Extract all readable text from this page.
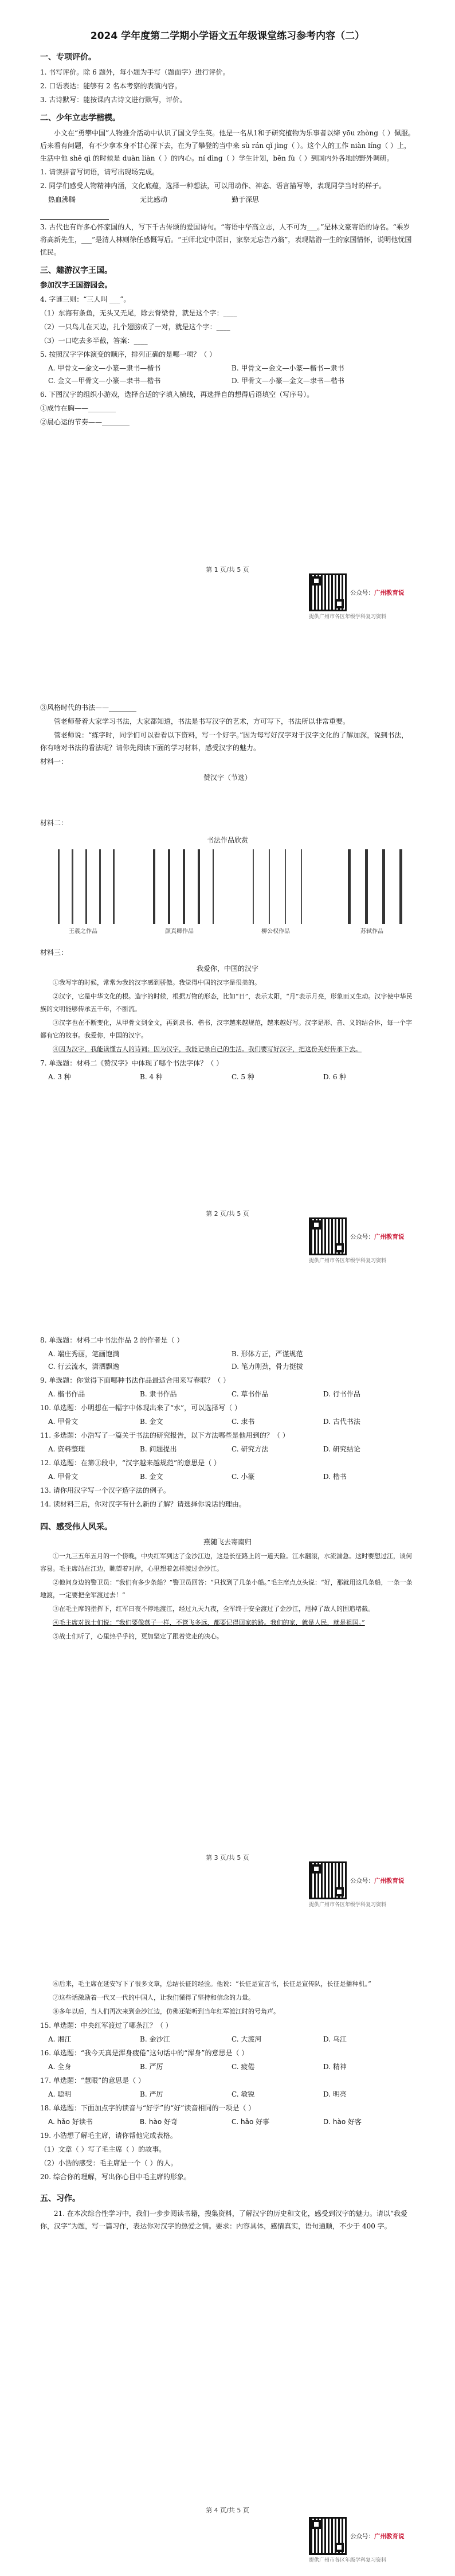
2024 学年度第二学期小学语文五年级课堂练习参考内容（二）
一、专项评价。
1. 书写评价。除 6 题外，每小题为手写（题面字）进行评价。
2. 口语表达：能够有 2 名本考察的表演内容。
3. 古诗默写：能按课内古诗文进行默写，评价。
二、少年立志学楷模。
小文在“勇攀中国”人物推介活动中认识了国文学生英。他是一名从1和子研究植物为乐事者以缔 yōu zhòng（ ）佩服。后来看有问题，有不少拿本身不甘心深下去，在为了攀登的当中来 sù rán qǐ jìng（ ）。这个人的工作 niàn líng（ ）上，生活中他 shě qì 的时候是 duàn liàn（ ）的内心。ní dìng（ ）学生计划，bēn fù（ ）到国内外各地的野外调研。
1. 请读拼音写词语，请写出现场完成。
2. 同学们感受人物精神内涵，文化底蕴，选择一种想法，可以用动作、神态、语言描写等，表现同学当时的样子。
热血沸腾	无比感动	勤于深思
3. 古代也有许多心怀家国的人，写下千古传颂的爱国诗句。“寄语中华高立志，人不可为___。”是林文豪寄语的诗名。“乘岁将高新先生，___”是清人林则徐任感慨写后。“王师北定中原日，家祭无忘告乃翁”，表现陆游一生的家国情怀，说明他忧国忧民。
三、趣游汉字王国。
参加汉字王国游园会。
4. 字谜三则：“三人叫 ___”。
（1）东海有条鱼，无头又无尾，除去脊梁骨，就是这个字：____
（2）一只鸟儿在天边，扎个翅膀成了一对，就是这个字：____
（3）一口吃去多半截，答案：____
5. 按照汉字字体演变的顺序，排列正确的是哪一项？（ ）
A. 甲骨文—金文—小篆—隶书—楷书	B. 甲骨文—金文—小篆—楷书—隶书
C. 金文—甲骨文—小篆—隶书—楷书	D. 甲骨文—小篆—金文—隶书—楷书
6. 下图汉字的组织小游戏，选择合适的字填入横线，再选择自的想得后语填空（写序号）。
①成竹在胸——________
②晨心运的节奏——________
公众号：广州教育说
提供广州市各区年级学科复习资料
第 1 页/共 5 页
③风格时代的书法——________
管老师带着大家学习书法，大家都知道，书法是书写汉字的艺术，方可写下，书法所以非常重要。
管老师说：“练字时，同学们可以看看以下资料，写一个好字。”因为每写好汉字对于汉字文化的了解加深，说到书法，你有啥对书法的看法呢？请你先阅读下面的学习材料，感受汉字的魅力。
材料一：
赞汉字（节选）
材料二：
书法作品欣赏
王羲之作品	颜真卿作品	柳公权作品	苏轼作品
材料三：
我爱你，中国的汉字
①我写字的时候，常常为我的汉字感到骄傲。我觉得中国的汉字是很美的。
②汉字，它是中华文化的根。造字的时候，根据万物的形态，比如“日”，表示太阳，“月”表示月亮，形象而又生动。汉字使中华民族的文明能够传承五千年，不断流。
③汉字也在不断变化，从甲骨文到金文，再到隶书、楷书，汉字越来越规范，越来越好写。汉字是形、音、义的结合体，每一个字都有它的故事。我爱你，中国的汉字。
④因为汉字，我能读懂古人的诗词；因为汉字，我能记录自己的生活。我们要写好汉字，把这份美好传承下去。
7. 单选题：材料二《赞汉字》中体现了哪个书法字体？（ ）
A. 3 种	B. 4 种	C. 5 种	D. 6 种
公众号：广州教育说
提供广州市各区年级学科复习资料
第 2 页/共 5 页
8. 单选题：材料二中书法作品 2 的作者是（ ）
A. 端庄秀丽，笔画饱满	B. 形体方正，严谨规范
C. 行云流水，潇洒飘逸	D. 笔力刚劲，骨力挺拔
9. 单选题：你觉得下面哪种书法作品最适合用来写春联？（ ）
A. 楷书作品	B. 隶书作品	C. 草书作品	D. 行书作品
10. 单选题：小明想在一幅字中体现出来了“水”，可以选择写（ ）
A. 甲骨文	B. 金文	C. 隶书	D. 古代书法
11. 多选题：小浩写了一篇关于书法的研究报告，以下方法哪些是他用到的？（ ）
A. 资料整理	B. 问题提出	C. 研究方法	D. 研究结论
12. 单选题：在第③段中，“汉字越来越规范”的意思是（ ）
A. 甲骨文	B. 金文	C. 小篆	D. 楷书
13. 请你用汉字写一个汉字造字法的例子。
14. 读材料三后，你对汉字有什么新的了解？请选择你说话的理由。
四、感受伟人风采。
燕随飞去寄南归
①一九三五年五月的一个傍晚，中央红军到达了金沙江边，这是长征路上的一道天险。江水翻滚，水流湍急。这时要想过江，谈何容易。毛主席站在江边，眺望着对岸，心里想着怎样渡过金沙江。
②他问身边的警卫员：“我们有多少条船？”警卫员回答：“只找到了几条小船。”毛主席点点头说：“好，那就用这几条船，一条一条地渡，一定要把全军渡过去！”
③在毛主席的指挥下，红军日夜不停地渡江，经过九天九夜，全军终于安全渡过了金沙江，甩掉了敌人的围追堵截。
④毛主席对战士们说：“我们要像燕子一样，不管飞多远，都要记得回家的路。我们的家，就是人民，就是祖国。”
⑤战士们听了，心里热乎乎的，更加坚定了跟着党走的决心。
公众号：广州教育说
提供广州市各区年级学科复习资料
第 3 页/共 5 页
⑥后来，毛主席在延安写下了很多文章，总结长征的经验。他说：“长征是宣言书，长征是宣传队，长征是播种机。”
⑦这些话激励着一代又一代的中国人，让我们懂得了坚持和信念的力量。
⑧多年以后，当人们再次来到金沙江边，仿佛还能听到当年红军渡江时的号角声。
15. 单选题：中央红军渡过了哪条江？（ ）
A. 湘江	B. 金沙江	C. 大渡河	D. 乌江
16. 单选题：“我今天真是浑身疲倦”这句话中的“浑身”的意思是（ ）
A. 全身	B. 严厉	C. 疲倦	D. 精神
17. 单选题：“慧眼”的意思是（ ）
A. 聪明	B. 严厉	C. 敏锐	D. 明亮
18. 单选题：下面加点字的读音与“好学”的“好”读音相同的一项是（ ）
A. hǎo 好读书	B. hào 好奇	C. hǎo 好事	D. hào 好客
19. 小浩想了解毛主席，请你帮他完成表格。
（1）文章（ ）写了毛主席（ ）的故事。
（2）小浩的感受：毛主席是一个（ ）的人。
20. 综合你的理解，写出你心目中毛主席的形象。
五、习作。
21. 在本次综合性学习中，我们一步步阅读书籍，搜集资料，了解汉字的历史和文化，感受到汉字的魅力。请以“我爱你，汉字”为题，写一篇习作，表达你对汉字的热爱之情。要求：内容具体，感情真实，语句通顺，不少于 400 字。
第 4 页/共 5 页
公众号：广州教育说
提供广州市各区年级学科复习资料
